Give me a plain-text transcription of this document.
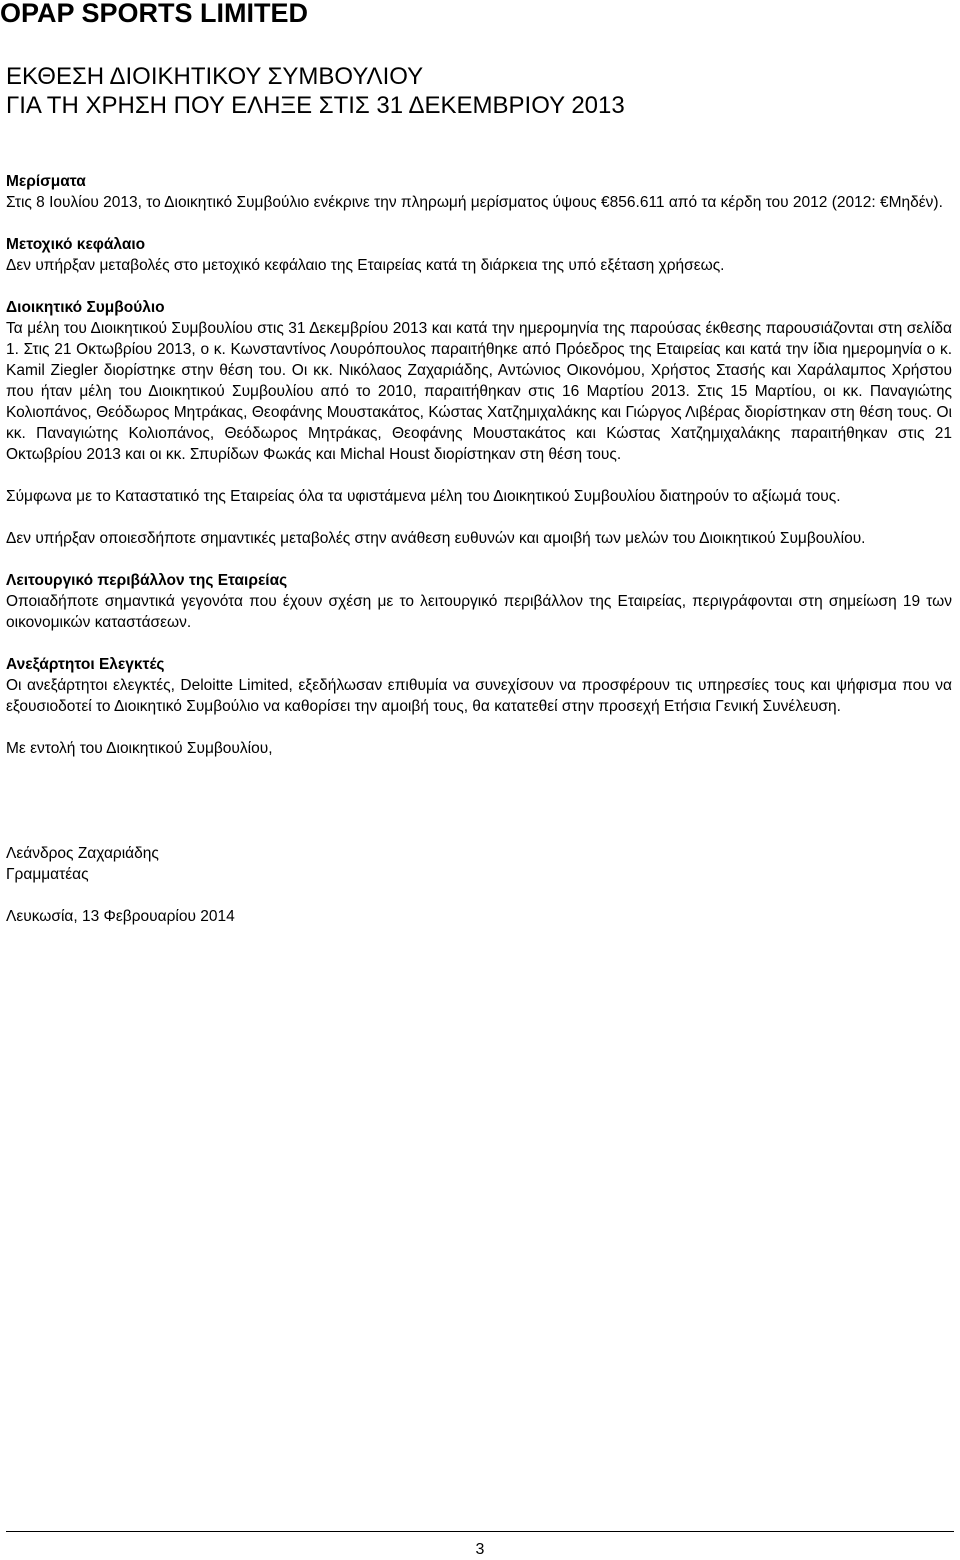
OPAP SPORTS LIMITED
ΕΚΘΕΣΗ ΔΙΟΙΚΗΤΙΚΟΥ ΣΥΜΒΟΥΛΙΟΥ
ΓΙΑ ΤΗ ΧΡΗΣΗ ΠΟΥ ΕΛΗΞΕ ΣΤΙΣ 31 ΔΕΚΕΜΒΡΙΟΥ 2013

Μερίσματα

Στις 8 Ιουλίου 2013, το Διοικητικό Συμβούλιο ενέκρινε την πληρωμή μερίσματος ύψους €856.611 από τα κέρδη του 2012 (2012: €Μηδέν).

Μετοχικό κεφάλαιο

Δεν υπήρξαν μεταβολές στο μετοχικό κεφάλαιο της Εταιρείας κατά τη διάρκεια της υπό εξέταση χρήσεως.

Διοικητικό Συμβούλιο

Τα μέλη του Διοικητικού Συμβουλίου στις 31 Δεκεμβρίου 2013 και κατά την ημερομηνία της παρούσας έκθεσης παρουσιάζονται στη σελίδα 1. Στις 21 Οκτωβρίου 2013, ο κ. Κωνσταντίνος Λουρόπουλος παραιτήθηκε από Πρόεδρος της Εταιρείας και κατά την ίδια ημερομηνία ο κ. Kamil Ziegler διορίστηκε στην θέση του. Οι κκ. Νικόλαος Ζαχαριάδης, Αντώνιος Οικονόμου, Χρήστος Στασής και Χαράλαμπος Χρήστου που ήταν μέλη του Διοικητικού Συμβουλίου από το 2010, παραιτήθηκαν στις 16 Μαρτίου 2013. Στις 15 Μαρτίου, οι κκ. Παναγιώτης Κολιοπάνος, Θεόδωρος Μητράκας, Θεοφάνης Μουστακάτος, Κώστας Χατζημιχαλάκης και Γιώργος Λιβέρας διορίστηκαν στη θέση τους. Οι κκ. Παναγιώτης Κολιοπάνος, Θεόδωρος Μητράκας, Θεοφάνης Μουστακάτος και Κώστας Χατζημιχαλάκης παραιτήθηκαν στις 21 Οκτωβρίου 2013 και οι κκ. Σπυρίδων Φωκάς και Michal Houst διορίστηκαν στη θέση τους.

Σύμφωνα με το Καταστατικό της Εταιρείας όλα τα υφιστάμενα μέλη του Διοικητικού Συμβουλίου διατηρούν το αξίωμά τους.

Δεν υπήρξαν οποιεσδήποτε σημαντικές μεταβολές στην ανάθεση ευθυνών και αμοιβή των μελών του Διοικητικού Συμβουλίου.

Λειτουργικό περιβάλλον της Εταιρείας

Οποιαδήποτε σημαντικά γεγονότα που έχουν σχέση με το λειτουργικό περιβάλλον της Εταιρείας, περιγράφονται στη σημείωση 19 των οικονομικών καταστάσεων.

Ανεξάρτητοι Ελεγκτές

Οι ανεξάρτητοι ελεγκτές, Deloitte Limited, εξεδήλωσαν επιθυμία να συνεχίσουν να προσφέρουν τις υπηρεσίες τους και ψήφισμα που να εξουσιοδοτεί το Διοικητικό Συμβούλιο να καθορίσει την αμοιβή τους, θα κατατεθεί στην προσεχή Ετήσια Γενική Συνέλευση.

Με εντολή του Διοικητικού Συμβουλίου,

Λεάνδρος Ζαχαριάδης

Γραμματέας

Λευκωσία, 13 Φεβρουαρίου 2014

3
